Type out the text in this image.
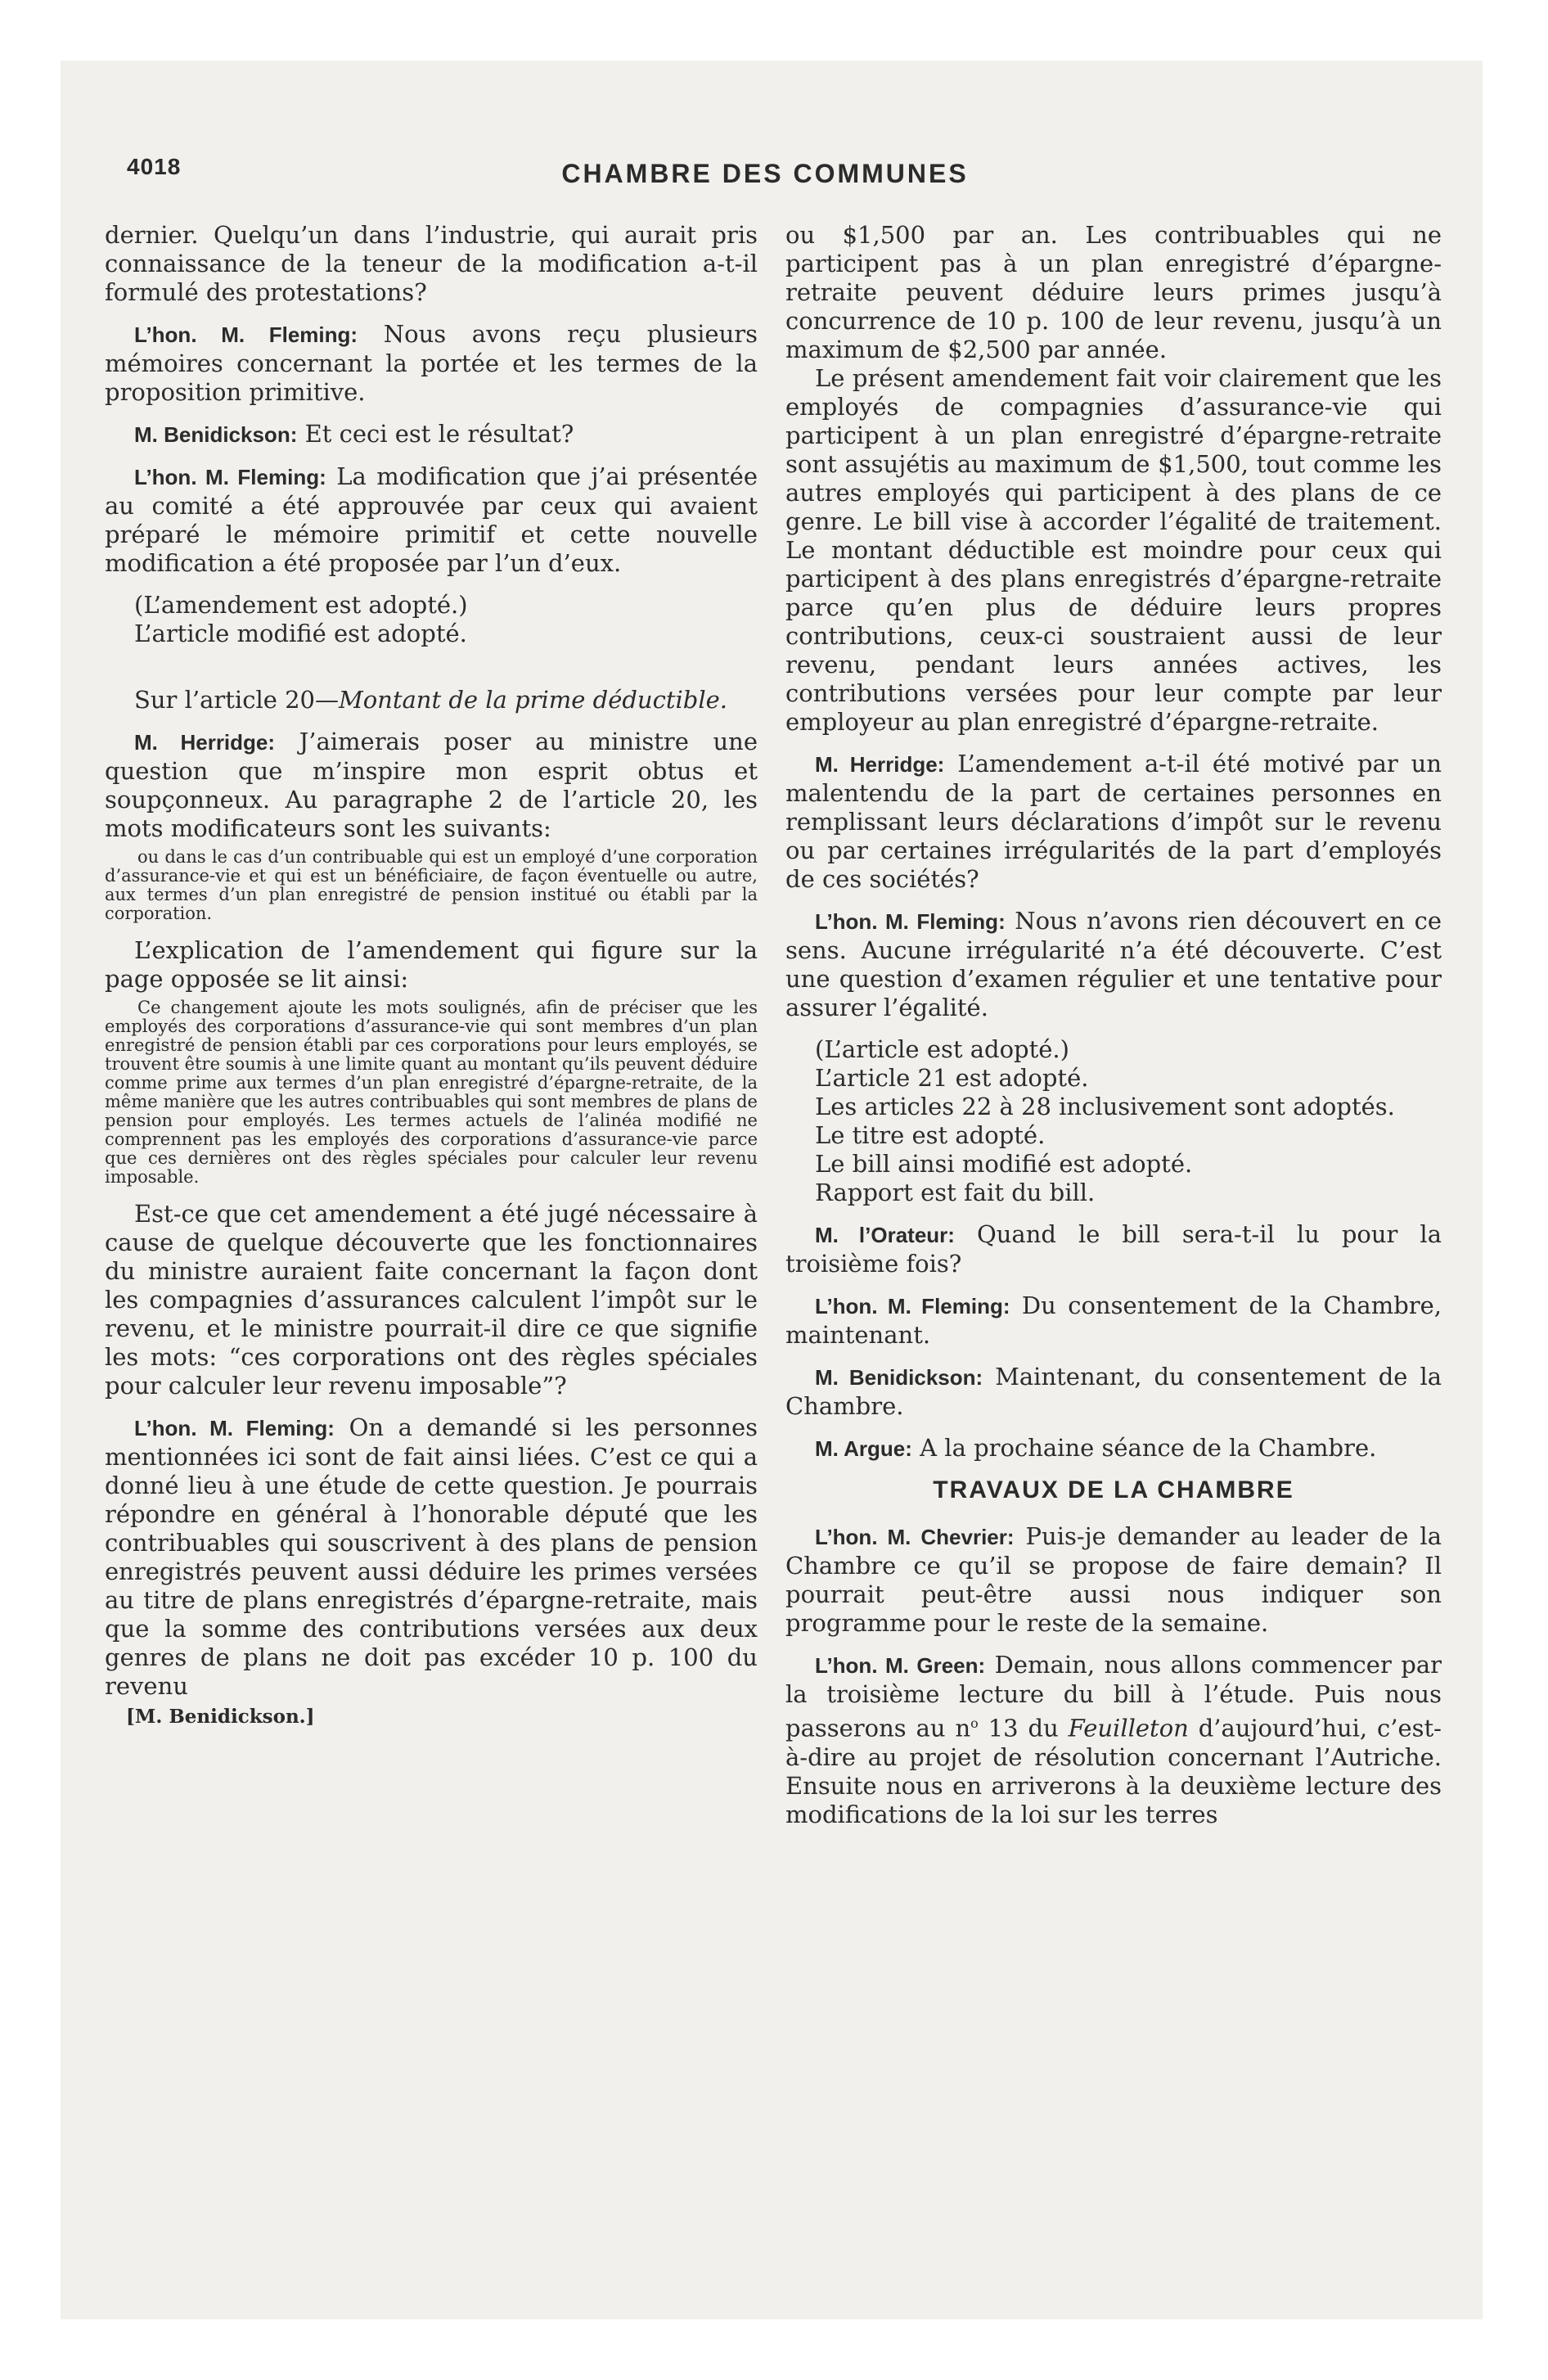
4018	CHAMBRE DES COMMUNES

dernier. Quelqu’un dans l’industrie, qui aurait pris connaissance de la teneur de la modification a-t-il formulé des protestations?

L’hon. M. Fleming: Nous avons reçu plusieurs mémoires concernant la portée et les termes de la proposition primitive.

M. Benidickson: Et ceci est le résultat?

L’hon. M. Fleming: La modification que j’ai présentée au comité a été approuvée par ceux qui avaient préparé le mémoire primitif et cette nouvelle modification a été proposée par l’un d’eux.

(L’amendement est adopté.)

L’article modifié est adopté.

Sur l’article 20—Montant de la prime déductible.

M. Herridge: J’aimerais poser au ministre une question que m’inspire mon esprit obtus et soupçonneux. Au paragraphe 2 de l’article 20, les mots modificateurs sont les suivants:

ou dans le cas d’un contribuable qui est un employé d’une corporation d’assurance-vie et qui est un bénéficiaire, de façon éventuelle ou autre, aux termes d’un plan enregistré de pension institué ou établi par la corporation.

L’explication de l’amendement qui figure sur la page opposée se lit ainsi:

Ce changement ajoute les mots soulignés, afin de préciser que les employés des corporations d’assurance-vie qui sont membres d’un plan enregistré de pension établi par ces corporations pour leurs employés, se trouvent être soumis à une limite quant au montant qu’ils peuvent déduire comme prime aux termes d’un plan enregistré d’épargne-retraite, de la même manière que les autres contribuables qui sont membres de plans de pension pour employés. Les termes actuels de l’alinéa modifié ne comprennent pas les employés des corporations d’assurance-vie parce que ces dernières ont des règles spéciales pour calculer leur revenu imposable.

Est-ce que cet amendement a été jugé nécessaire à cause de quelque découverte que les fonctionnaires du ministre auraient faite concernant la façon dont les compagnies d’assurances calculent l’impôt sur le revenu, et le ministre pourrait-il dire ce que signifie les mots: “ces corporations ont des règles spéciales pour calculer leur revenu imposable”?

L’hon. M. Fleming: On a demandé si les personnes mentionnées ici sont de fait ainsi liées. C’est ce qui a donné lieu à une étude de cette question. Je pourrais répondre en général à l’honorable député que les contribuables qui souscrivent à des plans de pension enregistrés peuvent aussi déduire les primes versées au titre de plans enregistrés d’épargne-retraite, mais que la somme des contributions versées aux deux genres de plans ne doit pas excéder 10 p. 100 du revenu

[M. Benidickson.]

ou $1,500 par an. Les contribuables qui ne participent pas à un plan enregistré d’épargne-retraite peuvent déduire leurs primes jusqu’à concurrence de 10 p. 100 de leur revenu, jusqu’à un maximum de $2,500 par année.

Le présent amendement fait voir clairement que les employés de compagnies d’assurance-vie qui participent à un plan enregistré d’épargne-retraite sont assujétis au maximum de $1,500, tout comme les autres employés qui participent à des plans de ce genre. Le bill vise à accorder l’égalité de traitement. Le montant déductible est moindre pour ceux qui participent à des plans enregistrés d’épargne-retraite parce qu’en plus de déduire leurs propres contributions, ceux-ci soustraient aussi de leur revenu, pendant leurs années actives, les contributions versées pour leur compte par leur employeur au plan enregistré d’épargne-retraite.

M. Herridge: L’amendement a-t-il été motivé par un malentendu de la part de certaines personnes en remplissant leurs déclarations d’impôt sur le revenu ou par certaines irrégularités de la part d’employés de ces sociétés?

L’hon. M. Fleming: Nous n’avons rien découvert en ce sens. Aucune irrégularité n’a été découverte. C’est une question d’examen régulier et une tentative pour assurer l’égalité.

(L’article est adopté.)

L’article 21 est adopté.

Les articles 22 à 28 inclusivement sont adoptés.

Le titre est adopté.

Le bill ainsi modifié est adopté.

Rapport est fait du bill.

M. l’Orateur: Quand le bill sera-t-il lu pour la troisième fois?

L’hon. M. Fleming: Du consentement de la Chambre, maintenant.

M. Benidickson: Maintenant, du consentement de la Chambre.

M. Argue: A la prochaine séance de la Chambre.

TRAVAUX DE LA CHAMBRE

L’hon. M. Chevrier: Puis-je demander au leader de la Chambre ce qu’il se propose de faire demain? Il pourrait peut-être aussi nous indiquer son programme pour le reste de la semaine.

L’hon. M. Green: Demain, nous allons commencer par la troisième lecture du bill à l’étude. Puis nous passerons au $n^o$ 13 du Feuilleton d’aujourd’hui, c’est-à-dire au projet de résolution concernant l’Autriche. Ensuite nous en arriverons à la deuxième lecture des modifications de la loi sur les terres
